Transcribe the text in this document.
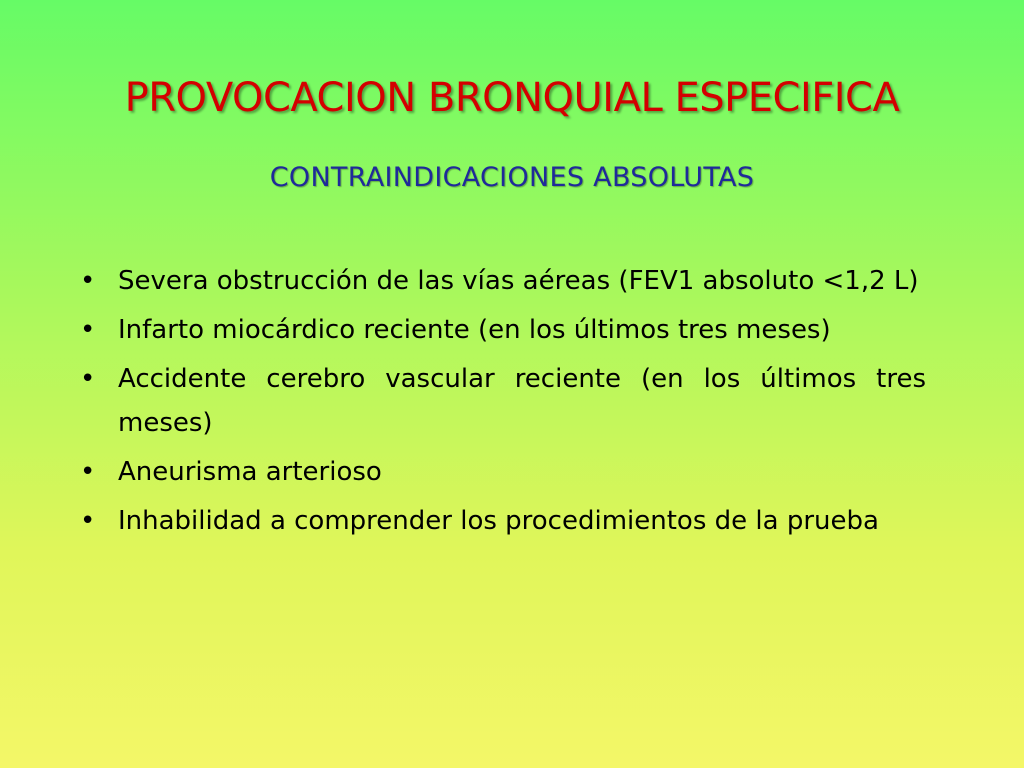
PROVOCACION BRONQUIAL ESPECIFICA
CONTRAINDICACIONES ABSOLUTAS
• Severa obstrucción de las vías aéreas (FEV1 absoluto <1,2 L)
• Infarto miocárdico reciente (en los últimos tres meses)
• Accidente cerebro vascular reciente (en los últimos tres meses)
• Aneurisma arterioso
• Inhabilidad a comprender los procedimientos de la prueba
